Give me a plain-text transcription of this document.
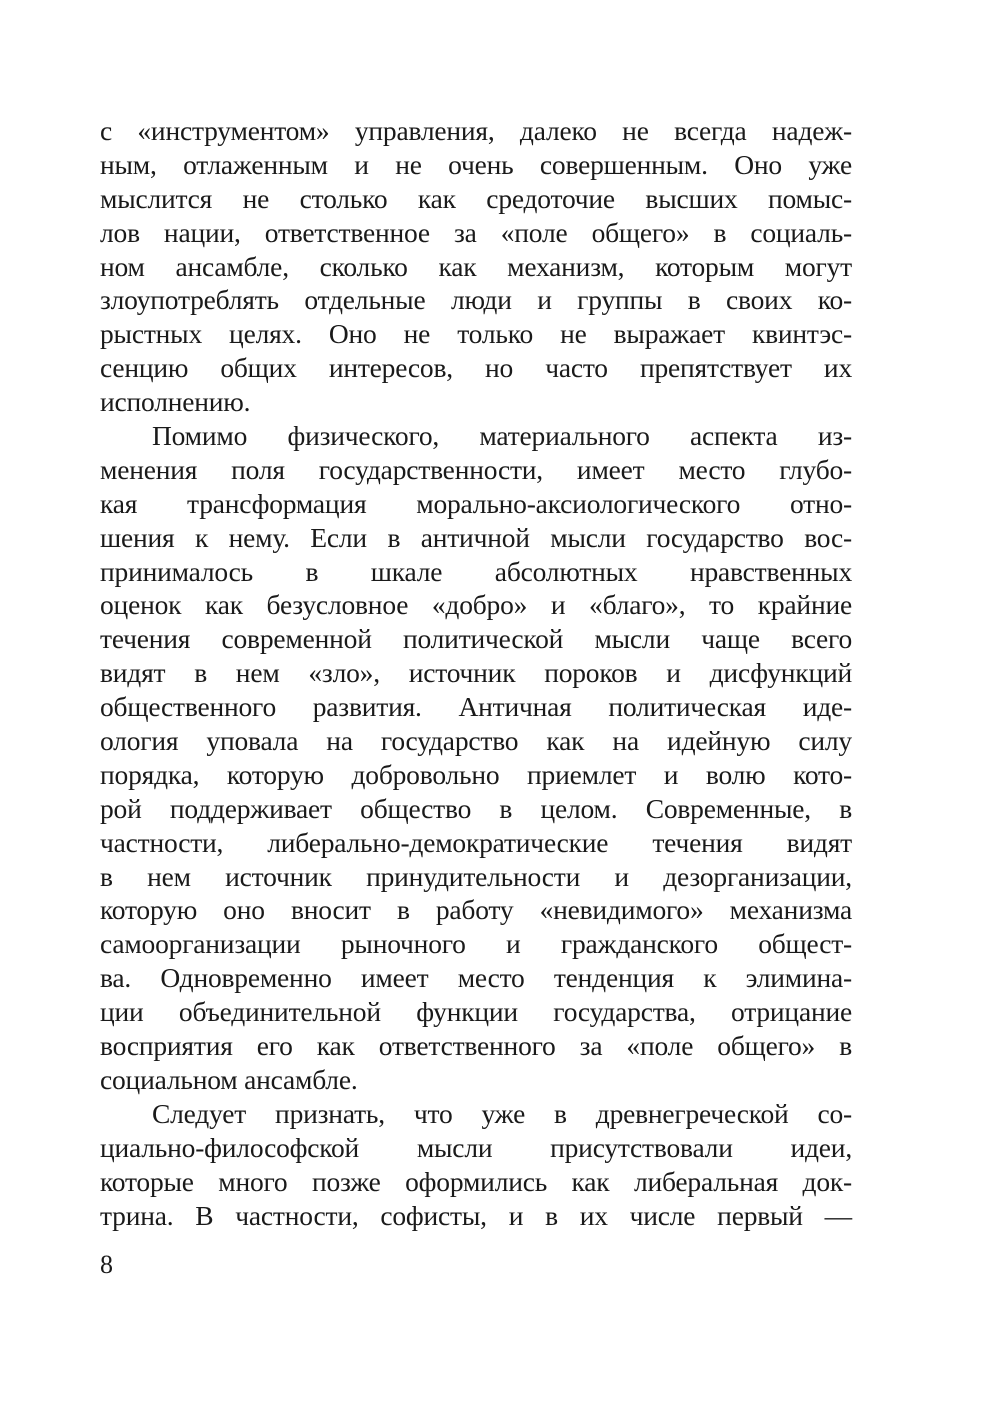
с «инструментом» управления, далеко не всегда надеж-
ным, отлаженным и не очень совершенным. Оно уже
мыслится не столько как средоточие высших помыс-
лов нации, ответственное за «поле общего» в социаль-
ном ансамбле, сколько как механизм, которым могут
злоупотреблять отдельные люди и группы в своих ко-
рыстных целях. Оно не только не выражает квинтэс-
сенцию общих интересов, но часто препятствует их
исполнению.

Помимо физического, материального аспекта из-
менения поля государственности, имеет место глубо-
кая трансформация морально-аксиологического отно-
шения к нему. Если в античной мысли государство вос-
принималось в шкале абсолютных нравственных
оценок как безусловное «добро» и «благо», то крайние
течения современной политической мысли чаще всего
видят в нем «зло», источник пороков и дисфункций
общественного развития. Античная политическая иде-
ология уповала на государство как на идейную силу
порядка, которую добровольно приемлет и волю кото-
рой поддерживает общество в целом. Современные, в
частности, либерально-демократические течения видят
в нем источник принудительности и дезорганизации,
которую оно вносит в работу «невидимого» механизма
самоорганизации рыночного и гражданского общест-
ва. Одновременно имеет место тенденция к элимина-
ции объединительной функции государства, отрицание
восприятия его как ответственного за «поле общего» в
социальном ансамбле.

Следует признать, что уже в древнегреческой со-
циально-философской мысли присутствовали идеи,
которые много позже оформились как либеральная док-
трина. В частности, софисты, и в их числе первый —

8
